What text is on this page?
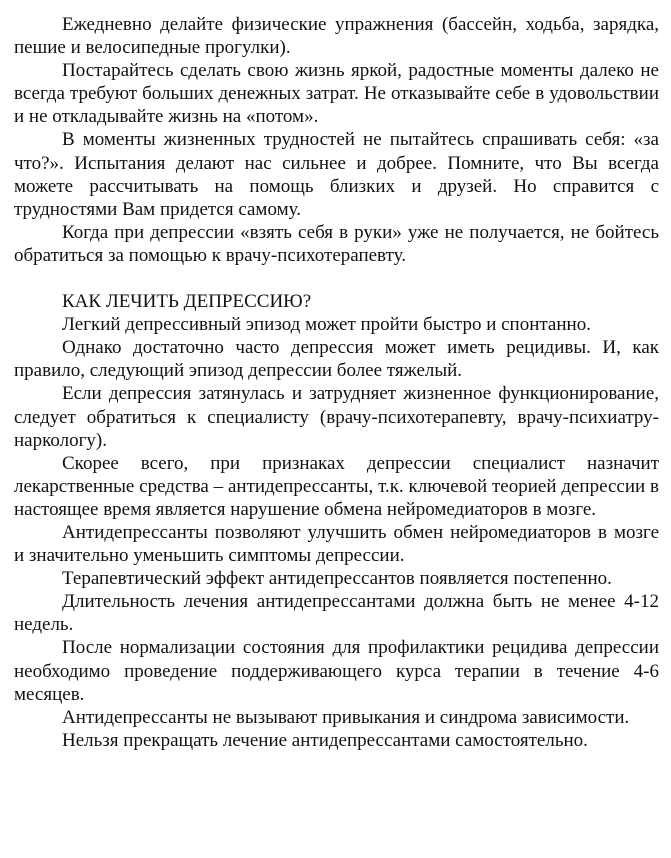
Ежедневно делайте физические упражнения (бассейн, ходьба, зарядка, пешие и велосипедные прогулки).

Постарайтесь сделать свою жизнь яркой, радостные моменты далеко не всегда требуют больших денежных затрат. Не отказывайте себе в удовольствии и не откладывайте жизнь на «потом».

В моменты жизненных трудностей не пытайтесь спрашивать себя: «за что?». Испытания делают нас сильнее и добрее. Помните, что Вы всегда можете рассчитывать на помощь близких и друзей. Но справится с трудностями Вам придется самому.

Когда при депрессии «взять себя в руки» уже не получается, не бойтесь обратиться за помощью к врачу-психотерапевту.

КАК ЛЕЧИТЬ ДЕПРЕССИЮ?

Легкий депрессивный эпизод может пройти быстро и спонтанно.

Однако достаточно часто депрессия может иметь рецидивы. И, как правило, следующий эпизод депрессии более тяжелый.

Если депрессия затянулась и затрудняет жизненное функционирование, следует обратиться к специалисту (врачу-психотерапевту, врачу-психиатру-наркологу).

Скорее всего, при признаках депрессии специалист назначит лекарственные средства – антидепрессанты, т.к. ключевой теорией депрессии в настоящее время является нарушение обмена нейромедиаторов в мозге.

Антидепрессанты позволяют улучшить обмен нейромедиаторов в мозге и значительно уменьшить симптомы депрессии.

Терапевтический эффект антидепрессантов появляется постепенно.

Длительность лечения антидепрессантами должна быть не менее 4-12 недель.

После нормализации состояния для профилактики рецидива депрессии необходимо проведение поддерживающего курса терапии в течение 4-6 месяцев.

Антидепрессанты не вызывают привыкания и синдрома зависимости.

Нельзя прекращать лечение антидепрессантами самостоятельно.
